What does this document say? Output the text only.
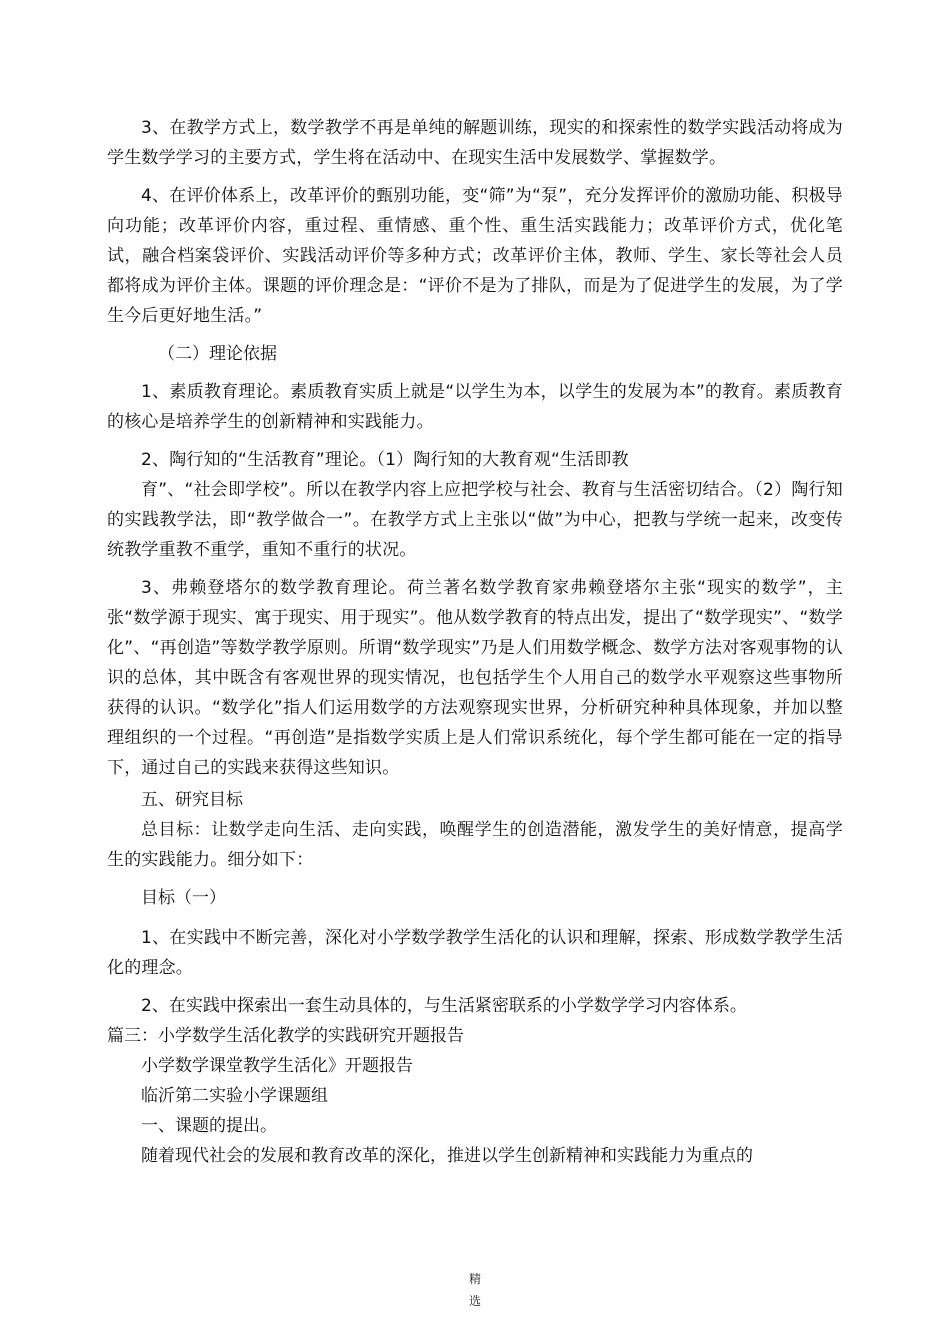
3、在教学方式上，数学教学不再是单纯的解题训练，现实的和探索性的数学实践活动将成为学生数学学习的主要方式，学生将在活动中、在现实生活中发展数学、掌握数学。

4、在评价体系上，改革评价的甄别功能，变“筛”为“泵”，充分发挥评价的激励功能、积极导向功能；改革评价内容，重过程、重情感、重个性、重生活实践能力；改革评价方式，优化笔试，融合档案袋评价、实践活动评价等多种方式；改革评价主体，教师、学生、家长等社会人员都将成为评价主体。课题的评价理念是：“评价不是为了排队，而是为了促进学生的发展，为了学生今后更好地生活。”

（二）理论依据

1、素质教育理论。素质教育实质上就是“以学生为本，以学生的发展为本”的教育。素质教育的核心是培养学生的创新精神和实践能力。

2、陶行知的“生活教育”理论。（1）陶行知的大教育观“生活即教

育”、“社会即学校”。所以在教学内容上应把学校与社会、教育与生活密切结合。（2）陶行知的实践教学法，即“教学做合一”。在教学方式上主张以“做”为中心，把教与学统一起来，改变传统教学重教不重学，重知不重行的状况。

3、弗赖登塔尔的数学教育理论。荷兰著名数学教育家弗赖登塔尔主张“现实的数学”，主张“数学源于现实、寓于现实、用于现实”。他从数学教育的特点出发，提出了“数学现实”、“数学化”、“再创造”等数学教学原则。所谓“数学现实”乃是人们用数学概念、数学方法对客观事物的认识的总体，其中既含有客观世界的现实情况，也包括学生个人用自己的数学水平观察这些事物所获得的认识。“数学化”指人们运用数学的方法观察现实世界，分析研究种种具体现象，并加以整理组织的一个过程。“再创造”是指数学实质上是人们常识系统化，每个学生都可能在一定的指导下，通过自己的实践来获得这些知识。

五、研究目标

总目标：让数学走向生活、走向实践，唤醒学生的创造潜能，激发学生的美好情意，提高学生的实践能力。细分如下：

目标（一）

1、在实践中不断完善，深化对小学数学教学生活化的认识和理解，探索、形成数学教学生活化的理念。

2、在实践中探索出一套生动具体的，与生活紧密联系的小学数学学习内容体系。

篇三：小学数学生活化教学的实践研究开题报告

小学数学课堂教学生活化》开题报告

临沂第二实验小学课题组

一、课题的提出。

随着现代社会的发展和教育改革的深化，推进以学生创新精神和实践能力为重点的

精
选
